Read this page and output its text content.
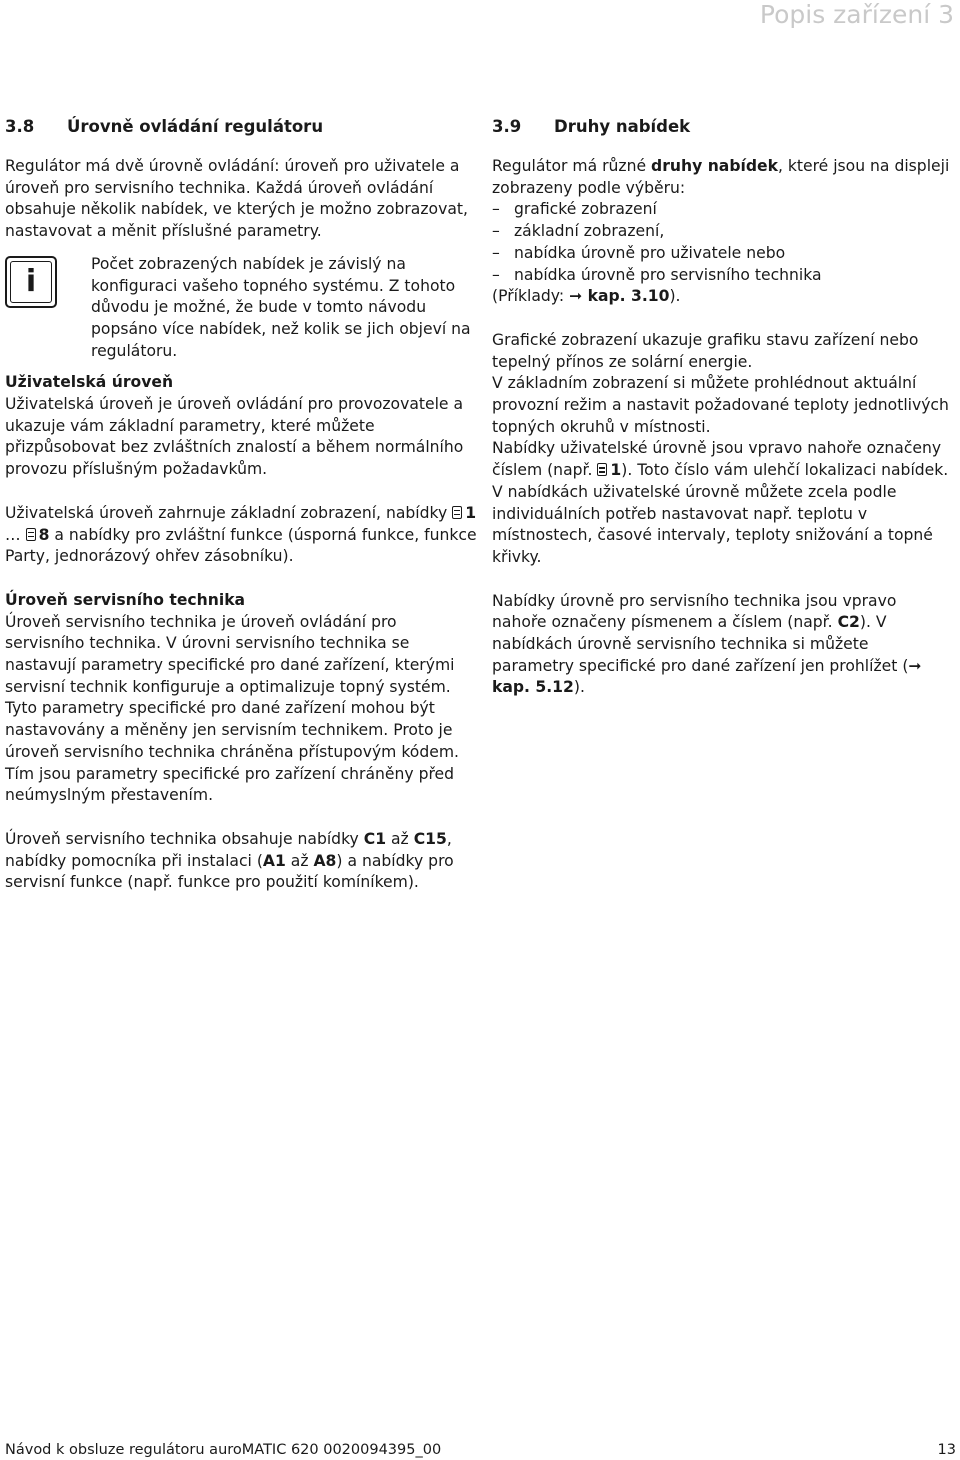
Popis zařízení 3
3.8	Úrovně ovládání regulátoru

Regulátor má dvě úrovně ovládání: úroveň pro uživatele a úroveň pro servisního technika. Každá úroveň ovládání obsahuje několik nabídek, ve kterých je možno zobrazovat, nastavovat a měnit příslušné parametry.

i	Počet zobrazených nabídek je závislý na konfiguraci vašeho topného systému. Z tohoto důvodu je možné, že bude v tomto návodu popsáno více nabídek, než kolik se jich objeví na regulátoru.

Uživatelská úroveň

Uživatelská úroveň je úroveň ovládání pro provozovatele a ukazuje vám základní parametry, které můžete přizpůsobovat bez zvláštních znalostí a během normálního provozu příslušným požadavkům.

Uživatelská úroveň zahrnuje základní zobrazení, nabídky 1 … 8 a nabídky pro zvláštní funkce (úsporná funkce, funkce Party, jednorázový ohřev zásobníku).

Úroveň servisního technika

Úroveň servisního technika je úroveň ovládání pro servisního technika. V úrovni servisního technika se nastavují parametry specifické pro dané zařízení, kterými servisní technik konfiguruje a optimalizuje topný systém. Tyto parametry specifické pro dané zařízení mohou být nastavovány a měněny jen servisním technikem. Proto je úroveň servisního technika chráněna přístupovým kódem. Tím jsou parametry specifické pro zařízení chráněny před neúmyslným přestavením.

Úroveň servisního technika obsahuje nabídky C1 až C15, nabídky pomocníka při instalaci (A1 až A8) a nabídky pro servisní funkce (např. funkce pro použití komíníkem).

3.9	Druhy nabídek

Regulátor má různé druhy nabídek, které jsou na displeji zobrazeny podle výběru:

– grafické zobrazení
– základní zobrazení,
– nabídka úrovně pro uživatele nebo
– nabídka úrovně pro servisního technika

(Příklady: ➞ kap. 3.10).

Grafické zobrazení ukazuje grafiku stavu zařízení nebo tepelný přínos ze solární energie.

V základním zobrazení si můžete prohlédnout aktuální provozní režim a nastavit požadované teploty jednotlivých topných okruhů v místnosti.

Nabídky uživatelské úrovně jsou vpravo nahoře označeny číslem (např. 1). Toto číslo vám ulehčí lokalizaci nabídek.

V nabídkách uživatelské úrovně můžete zcela podle individuálních potřeb nastavovat např. teplotu v místnostech, časové intervaly, teploty snižování a topné křivky.

Nabídky úrovně pro servisního technika jsou vpravo nahoře označeny písmenem a číslem (např. C2). V nabídkách úrovně servisního technika si můžete parametry specifické pro dané zařízení jen prohlížet (➞ kap. 5.12).

Návod k obsluze regulátoru auroMATIC 620 0020094395_00	13
